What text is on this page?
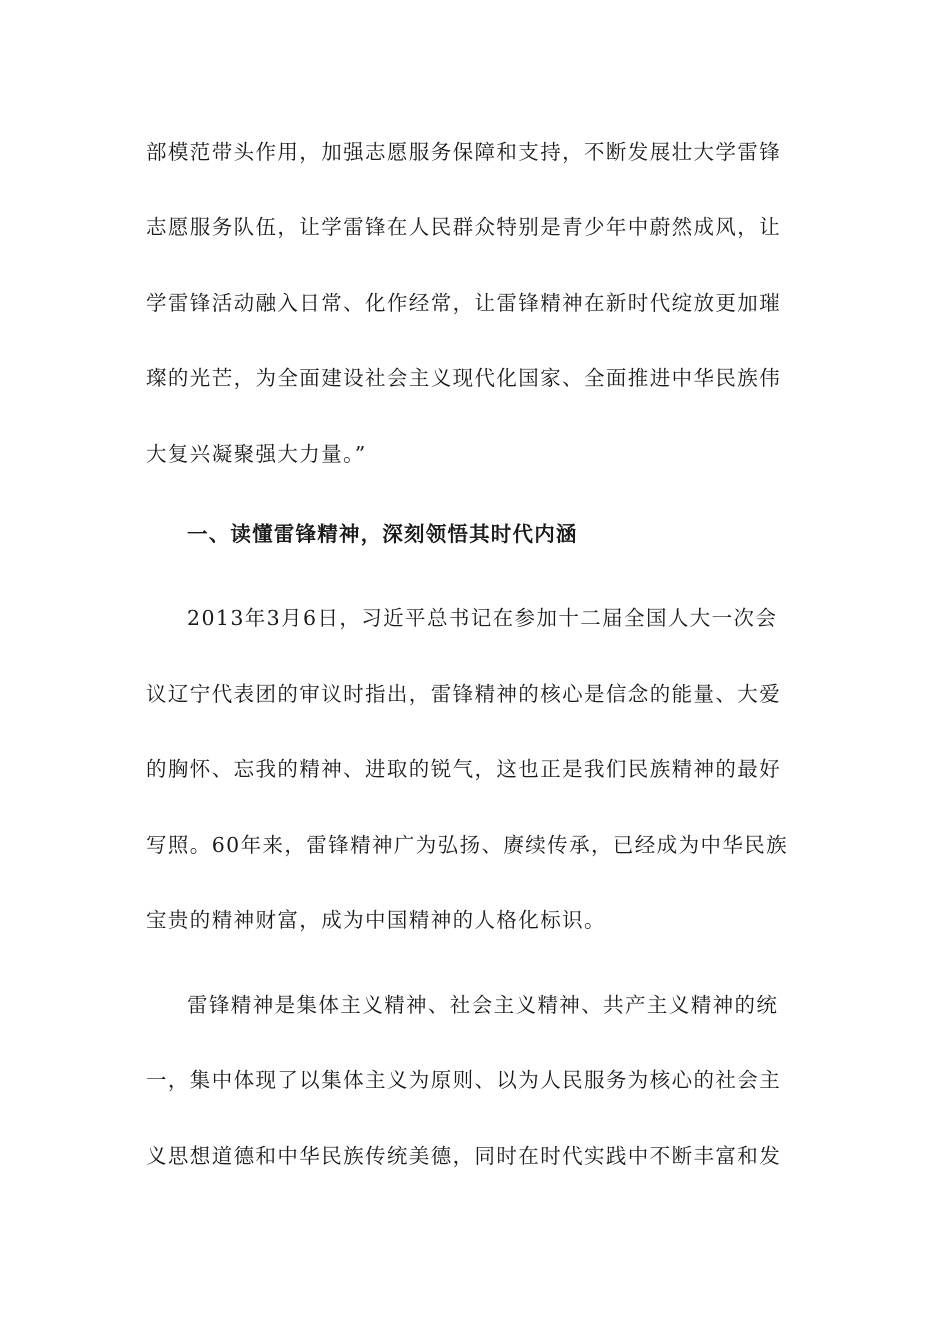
部模范带头作用，加强志愿服务保障和支持，不断发展壮大学雷锋
志愿服务队伍，让学雷锋在人民群众特别是青少年中蔚然成风，让
学雷锋活动融入日常、化作经常，让雷锋精神在新时代绽放更加璀
璨的光芒，为全面建设社会主义现代化国家、全面推进中华民族伟
大复兴凝聚强大力量。”
一、读懂雷锋精神，深刻领悟其时代内涵
2013年3月6日，习近平总书记在参加十二届全国人大一次会
议辽宁代表团的审议时指出，雷锋精神的核心是信念的能量、大爱
的胸怀、忘我的精神、进取的锐气，这也正是我们民族精神的最好
写照。60年来，雷锋精神广为弘扬、赓续传承，已经成为中华民族
宝贵的精神财富，成为中国精神的人格化标识。
雷锋精神是集体主义精神、社会主义精神、共产主义精神的统
一，集中体现了以集体主义为原则、以为人民服务为核心的社会主
义思想道德和中华民族传统美德，同时在时代实践中不断丰富和发
